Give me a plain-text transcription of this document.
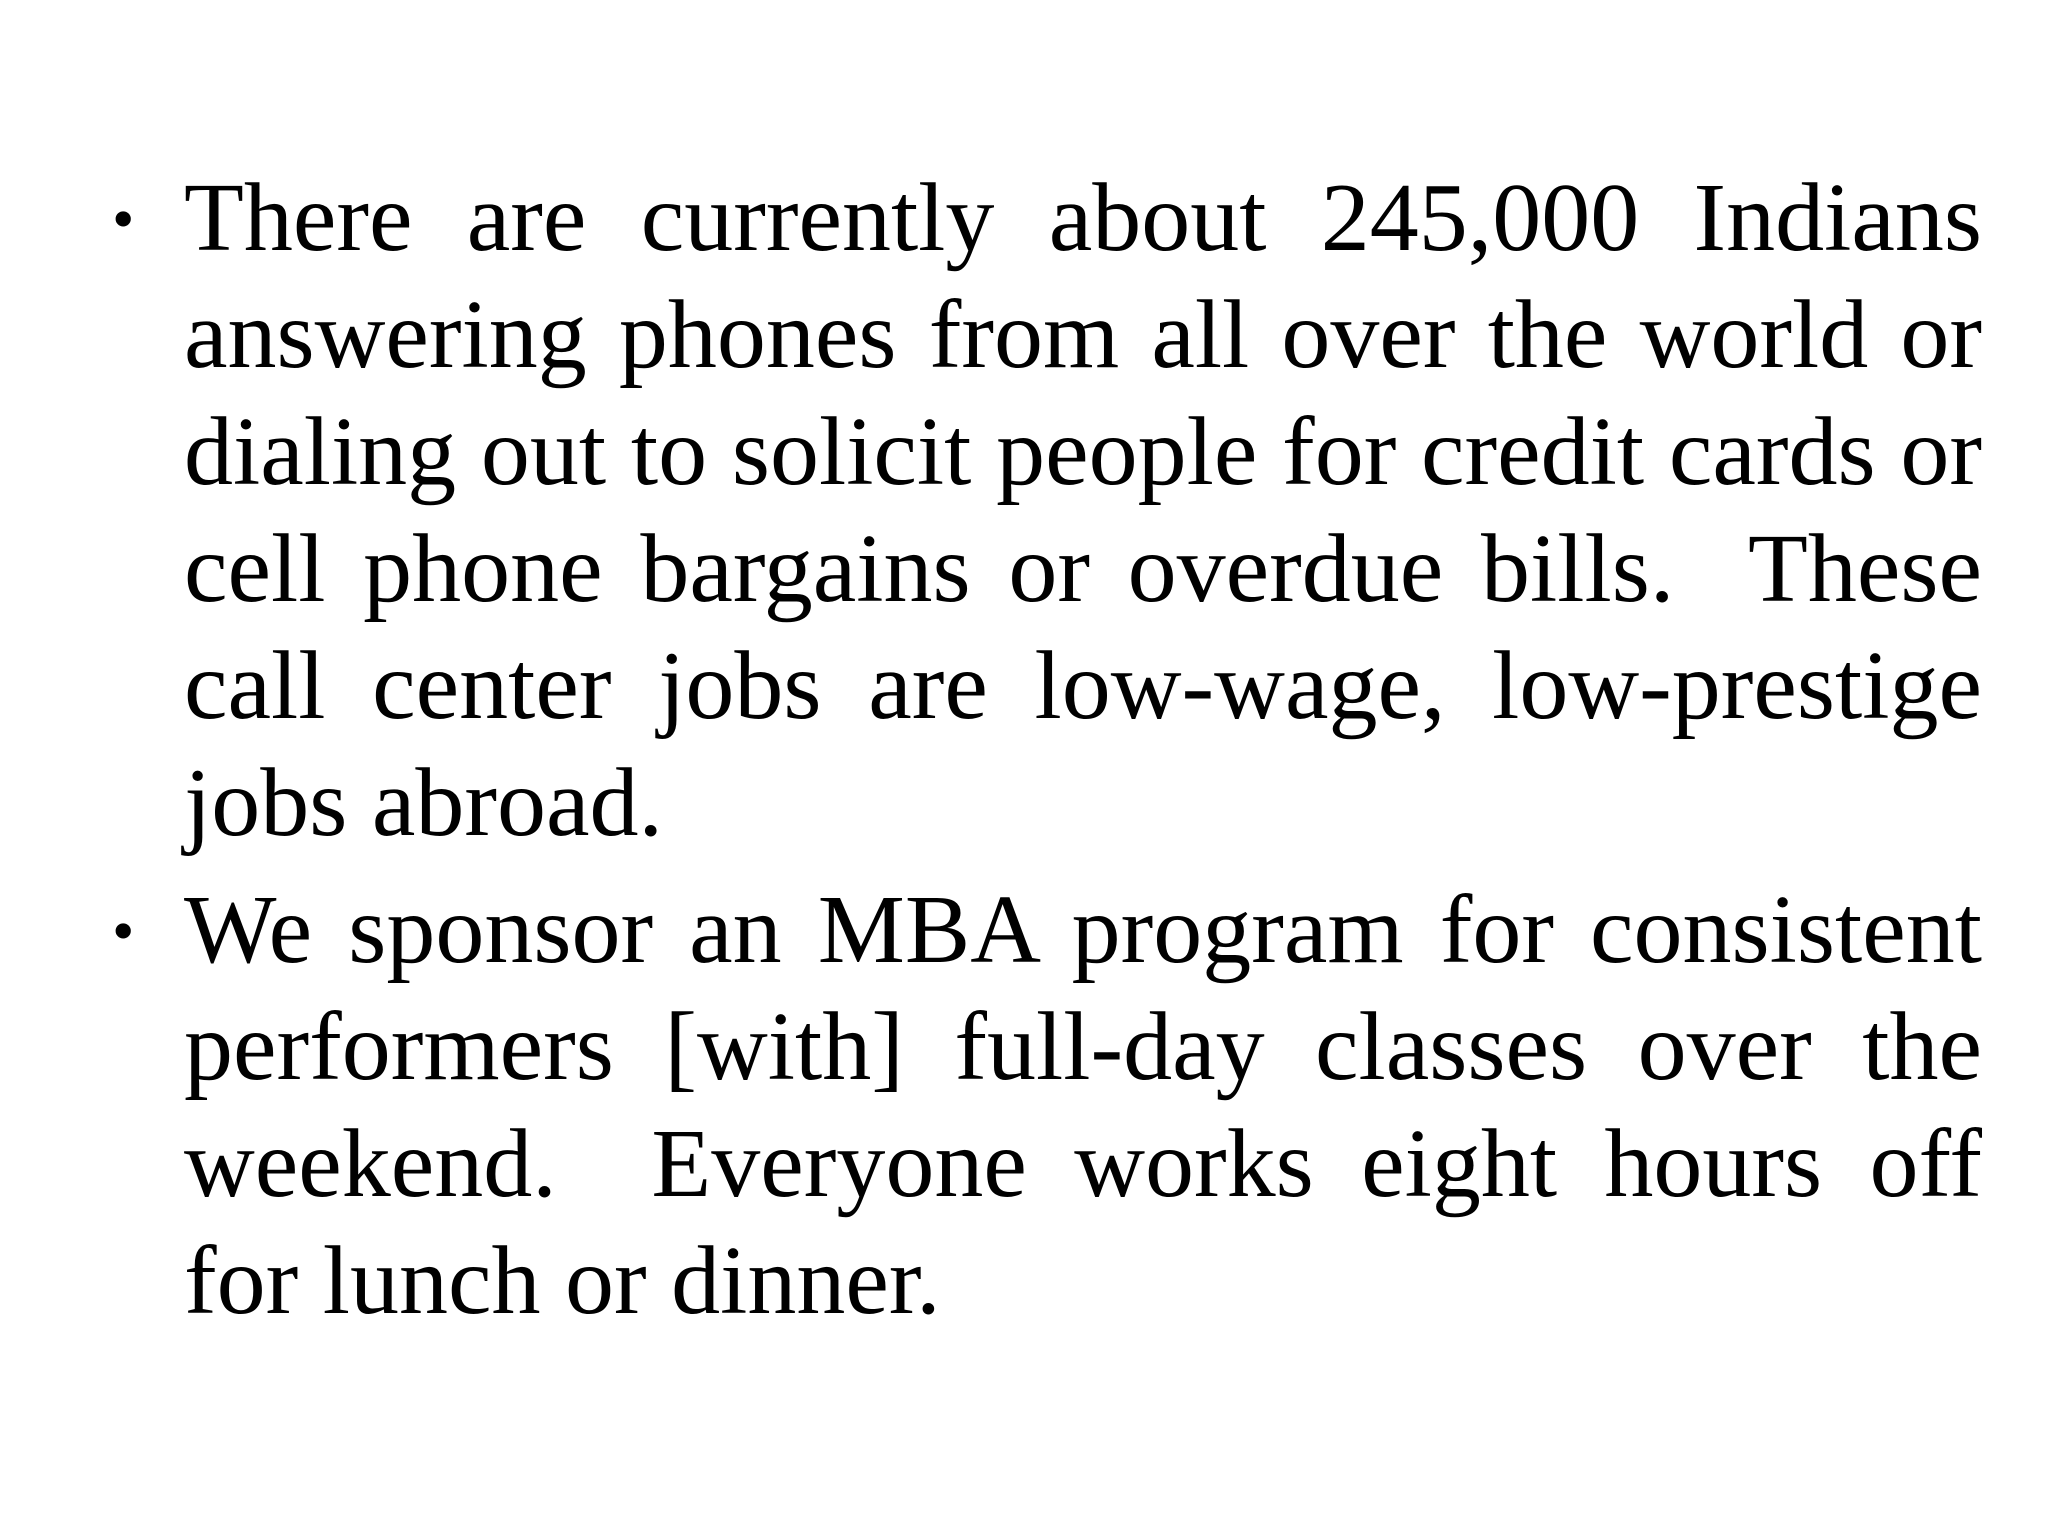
• There are currently about 245,000 Indians answering phones from all over the world or dialing out to solicit people for credit cards or cell phone bargains or overdue bills.  These call center jobs are low-wage, low-prestige jobs abroad.
• We sponsor an MBA program for consistent performers [with] full-day classes over the weekend.  Everyone works eight hours off for lunch or dinner.
